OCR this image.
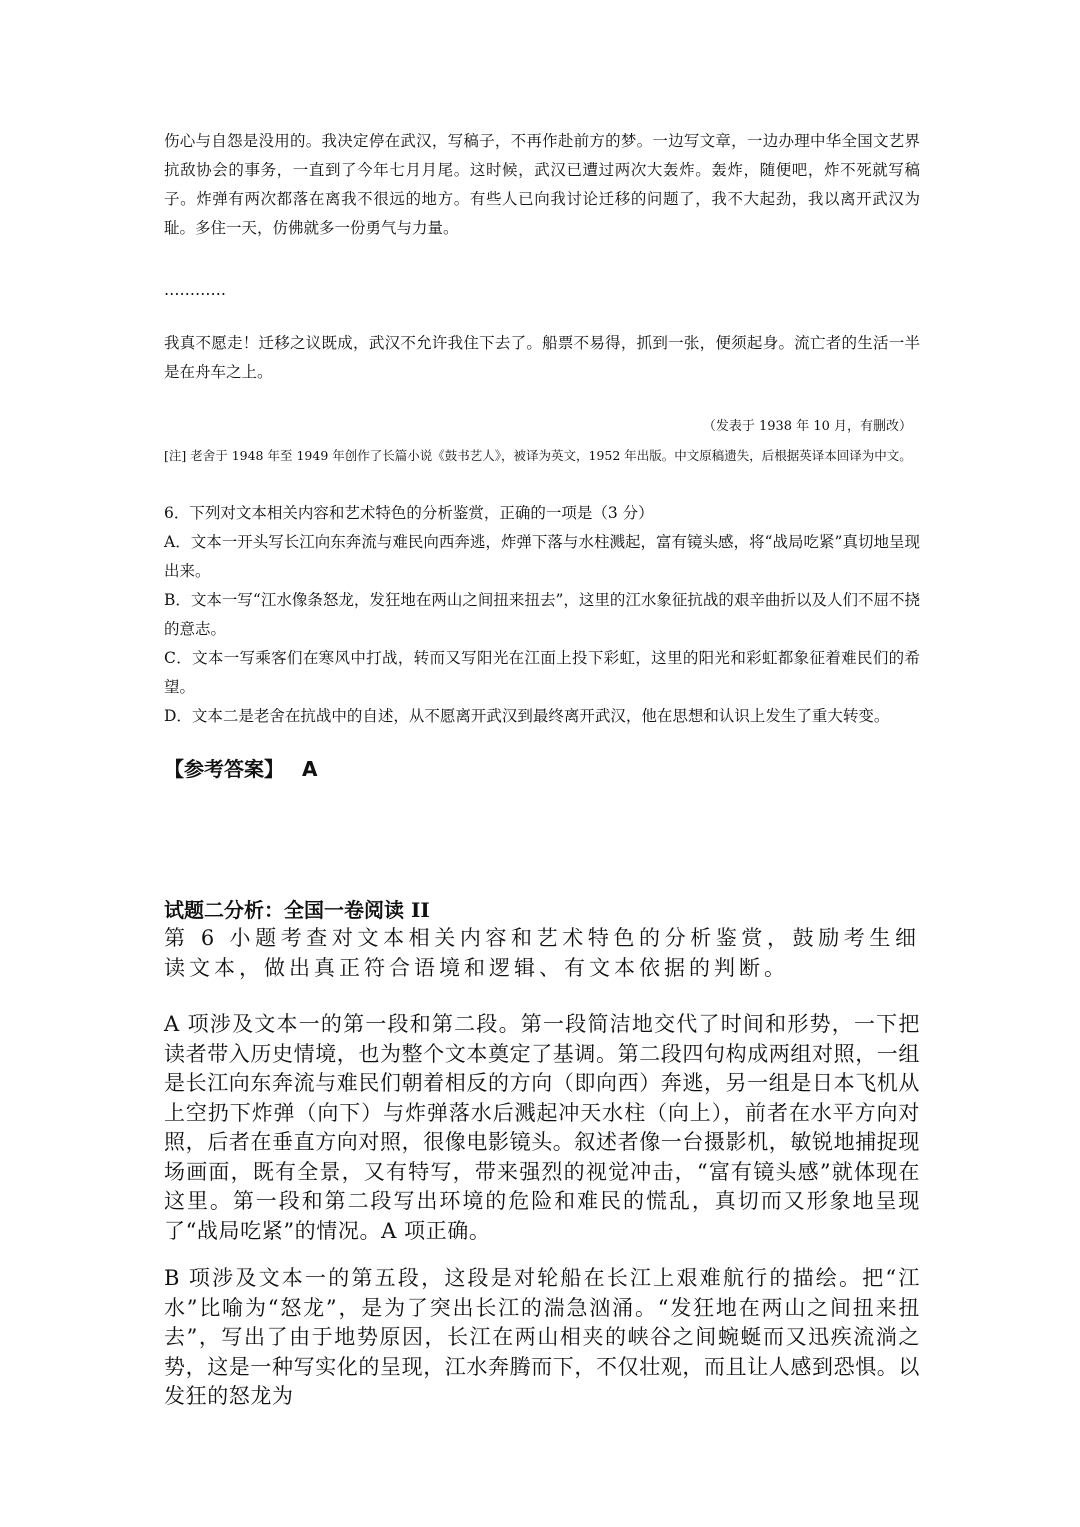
伤心与自怨是没用的。我决定停在武汉，写稿子，不再作赴前方的梦。一边写文章，一边办理中华全国文艺界抗敌协会的事务，一直到了今年七月月尾。这时候，武汉已遭过两次大轰炸。轰炸，随便吧，炸不死就写稿子。炸弹有两次都落在离我不很远的地方。有些人已向我讨论迁移的问题了，我不大起劲，我以离开武汉为耻。多住一天，仿佛就多一份勇气与力量。

…………

我真不愿走！迁移之议既成，武汉不允许我住下去了。船票不易得，抓到一张，便须起身。流亡者的生活一半是在舟车之上。

（发表于 1938 年 10 月，有删改）

[注] 老舍于 1948 年至 1949 年创作了长篇小说《鼓书艺人》，被译为英文，1952 年出版。中文原稿遗失，后根据英译本回译为中文。

6．下列对文本相关内容和艺术特色的分析鉴赏，正确的一项是（3 分）

A．文本一开头写长江向东奔流与难民向西奔逃，炸弹下落与水柱溅起，富有镜头感，将“战局吃紧”真切地呈现出来。

B．文本一写“江水像条怒龙，发狂地在两山之间扭来扭去”，这里的江水象征抗战的艰辛曲折以及人们不屈不挠的意志。

C．文本一写乘客们在寒风中打战，转而又写阳光在江面上投下彩虹，这里的阳光和彩虹都象征着难民们的希望。

D．文本二是老舍在抗战中的自述，从不愿离开武汉到最终离开武汉，他在思想和认识上发生了重大转变。

【参考答案】 A

试题二分析：全国一卷阅读 II

第 6 小题考查对文本相关内容和艺术特色的分析鉴赏，鼓励考生细读文本，做出真正符合语境和逻辑、有文本依据的判断。

A 项涉及文本一的第一段和第二段。第一段简洁地交代了时间和形势，一下把读者带入历史情境，也为整个文本奠定了基调。第二段四句构成两组对照，一组是长江向东奔流与难民们朝着相反的方向（即向西）奔逃，另一组是日本飞机从上空扔下炸弹（向下）与炸弹落水后溅起冲天水柱（向上），前者在水平方向对照，后者在垂直方向对照，很像电影镜头。叙述者像一台摄影机，敏锐地捕捉现场画面，既有全景，又有特写，带来强烈的视觉冲击，“富有镜头感”就体现在这里。第一段和第二段写出环境的危险和难民的慌乱，真切而又形象地呈现了“战局吃紧”的情况。A 项正确。

B 项涉及文本一的第五段，这段是对轮船在长江上艰难航行的描绘。把“江水”比喻为“怒龙”，是为了突出长江的湍急汹涌。“发狂地在两山之间扭来扭去”，写出了由于地势原因，长江在两山相夹的峡谷之间蜿蜒而又迅疾流淌之势，这是一种写实化的呈现，江水奔腾而下，不仅壮观，而且让人感到恐惧。以发狂的怒龙为
